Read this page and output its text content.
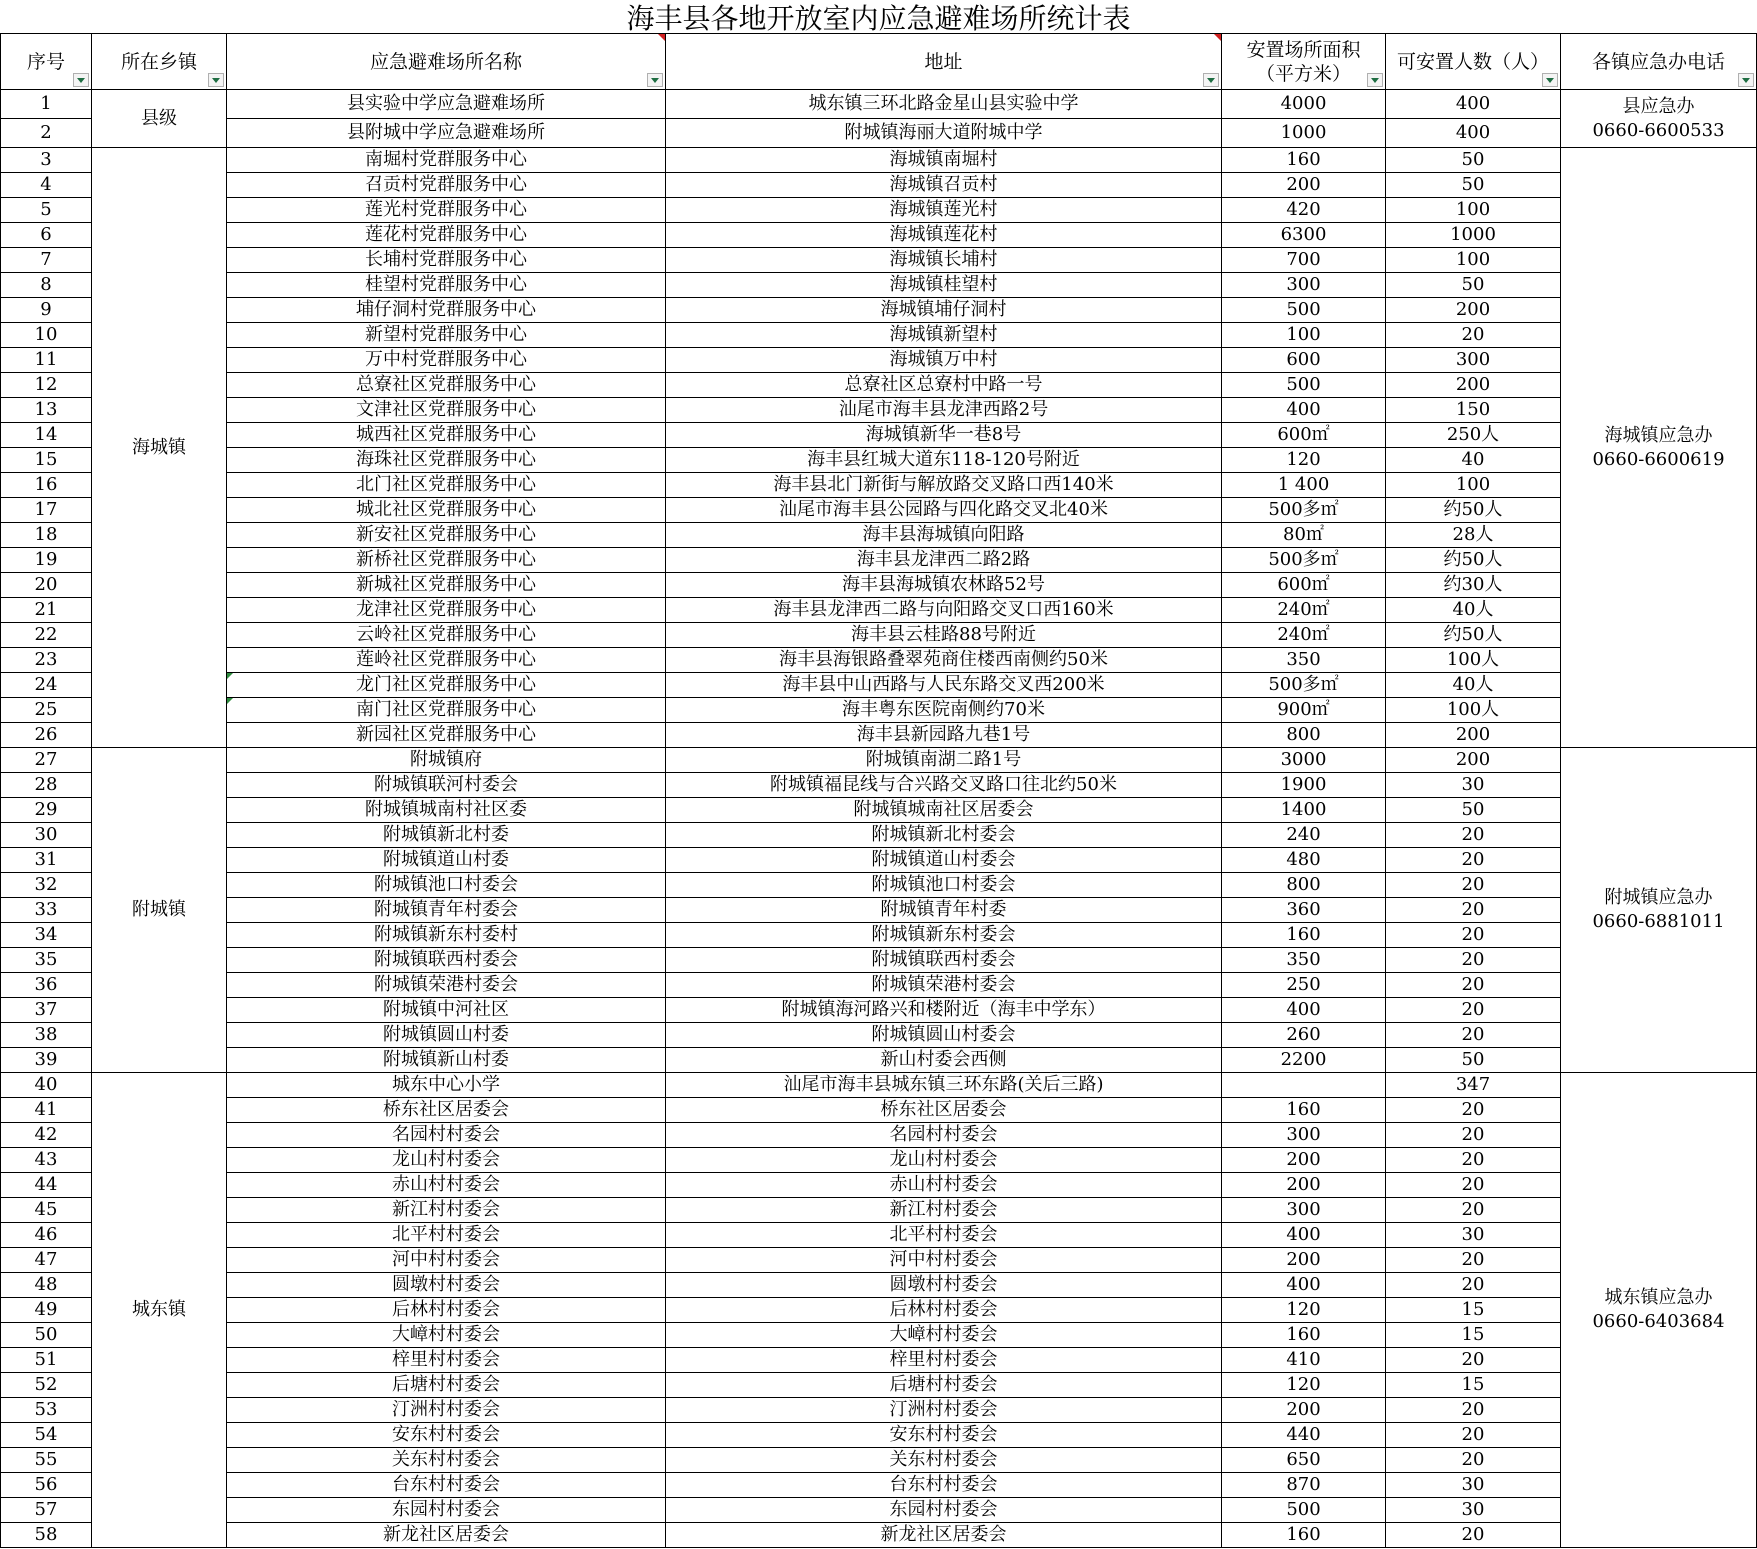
海丰县各地开放室内应急避难场所统计表
序号	所在乡镇	应急避难场所名称	地址	安置场所面积
（平方米）	可安置人数（人）	各镇应急办电话

1	县级	县实验中学应急避难场所	城东镇三环北路金星山县实验中学	4000	400	县应急办
0660-6600533

2		县附城中学应急避难场所	附城镇海丽大道附城中学	1000	400	
3	海城镇	南堀村党群服务中心	海城镇南堀村	160	50	海城镇应急办
0660-6600619

4		召贡村党群服务中心	海城镇召贡村	200	50	
5		莲光村党群服务中心	海城镇莲光村	420	100	
6		莲花村党群服务中心	海城镇莲花村	6300	1000	
7		长埔村党群服务中心	海城镇长埔村	700	100	
8		桂望村党群服务中心	海城镇桂望村	300	50	
9		埔仔洞村党群服务中心	海城镇埔仔洞村	500	200	
10		新望村党群服务中心	海城镇新望村	100	20	
11		万中村党群服务中心	海城镇万中村	600	300	
12		总寮社区党群服务中心	总寮社区总寮村中路一号	500	200	
13		文津社区党群服务中心	汕尾市海丰县龙津西路2号	400	150	
14		城西社区党群服务中心	海城镇新华一巷8号	600㎡	250人	
15		海珠社区党群服务中心	海丰县红城大道东118-120号附近	120	40	
16		北门社区党群服务中心	海丰县北门新街与解放路交叉路口西140米	1 400	100	
17		城北社区党群服务中心	汕尾市海丰县公园路与四化路交叉北40米	500多㎡	约50人	
18		新安社区党群服务中心	海丰县海城镇向阳路	80㎡	28人	
19		新桥社区党群服务中心	海丰县龙津西二路2路	500多㎡	约50人	
20		新城社区党群服务中心	海丰县海城镇农林路52号	600㎡	约30人	
21		龙津社区党群服务中心	海丰县龙津西二路与向阳路交叉口西160米	240㎡	40人	
22		云岭社区党群服务中心	海丰县云桂路88号附近	240㎡	约50人	
23		莲岭社区党群服务中心	海丰县海银路叠翠苑商住楼西南侧约50米	350	100人	
24		龙门社区党群服务中心	海丰县中山西路与人民东路交叉西200米	500多㎡	40人	
25		南门社区党群服务中心	海丰粤东医院南侧约70米	900㎡	100人	
26		新园社区党群服务中心	海丰县新园路九巷1号	800	200	
27	附城镇	附城镇府	附城镇南湖二路1号	3000	200	附城镇应急办
0660-6881011

28		附城镇联河村委会	附城镇福昆线与合兴路交叉路口往北约50米	1900	30	
29		附城镇城南村社区委	附城镇城南社区居委会	1400	50	
30		附城镇新北村委	附城镇新北村委会	240	20	
31		附城镇道山村委	附城镇道山村委会	480	20	
32		附城镇池口村委会	附城镇池口村委会	800	20	
33		附城镇青年村委会	附城镇青年村委	360	20	
34		附城镇新东村委村	附城镇新东村委会	160	20	
35		附城镇联西村委会	附城镇联西村委会	350	20	
36		附城镇荣港村委会	附城镇荣港村委会	250	20	
37		附城镇中河社区	附城镇海河路兴和楼附近（海丰中学东）	400	20	
38		附城镇圆山村委	附城镇圆山村委会	260	20	
39		附城镇新山村委	新山村委会西侧	2200	50	
40	城东镇	城东中心小学	汕尾市海丰县城东镇三环东路(关后三路)		347	城东镇应急办
0660-6403684

41		桥东社区居委会	桥东社区居委会	160	20	
42		名园村村委会	名园村村委会	300	20	
43		龙山村村委会	龙山村村委会	200	20	
44		赤山村村委会	赤山村村委会	200	20	
45		新江村村委会	新江村村委会	300	20	
46		北平村村委会	北平村村委会	400	30	
47		河中村村委会	河中村村委会	200	20	
48		圆墩村村委会	圆墩村村委会	400	20	
49		后林村村委会	后林村村委会	120	15	
50		大嶂村村委会	大嶂村村委会	160	15	
51		梓里村村委会	梓里村村委会	410	20	
52		后塘村村委会	后塘村村委会	120	15	
53		汀洲村村委会	汀洲村村委会	200	20	
54		安东村村委会	安东村村委会	440	20	
55		关东村村委会	关东村村委会	650	20	
56		台东村村委会	台东村村委会	870	30	
57		东园村村委会	东园村村委会	500	30	
58		新龙社区居委会	新龙社区居委会	160	20	
